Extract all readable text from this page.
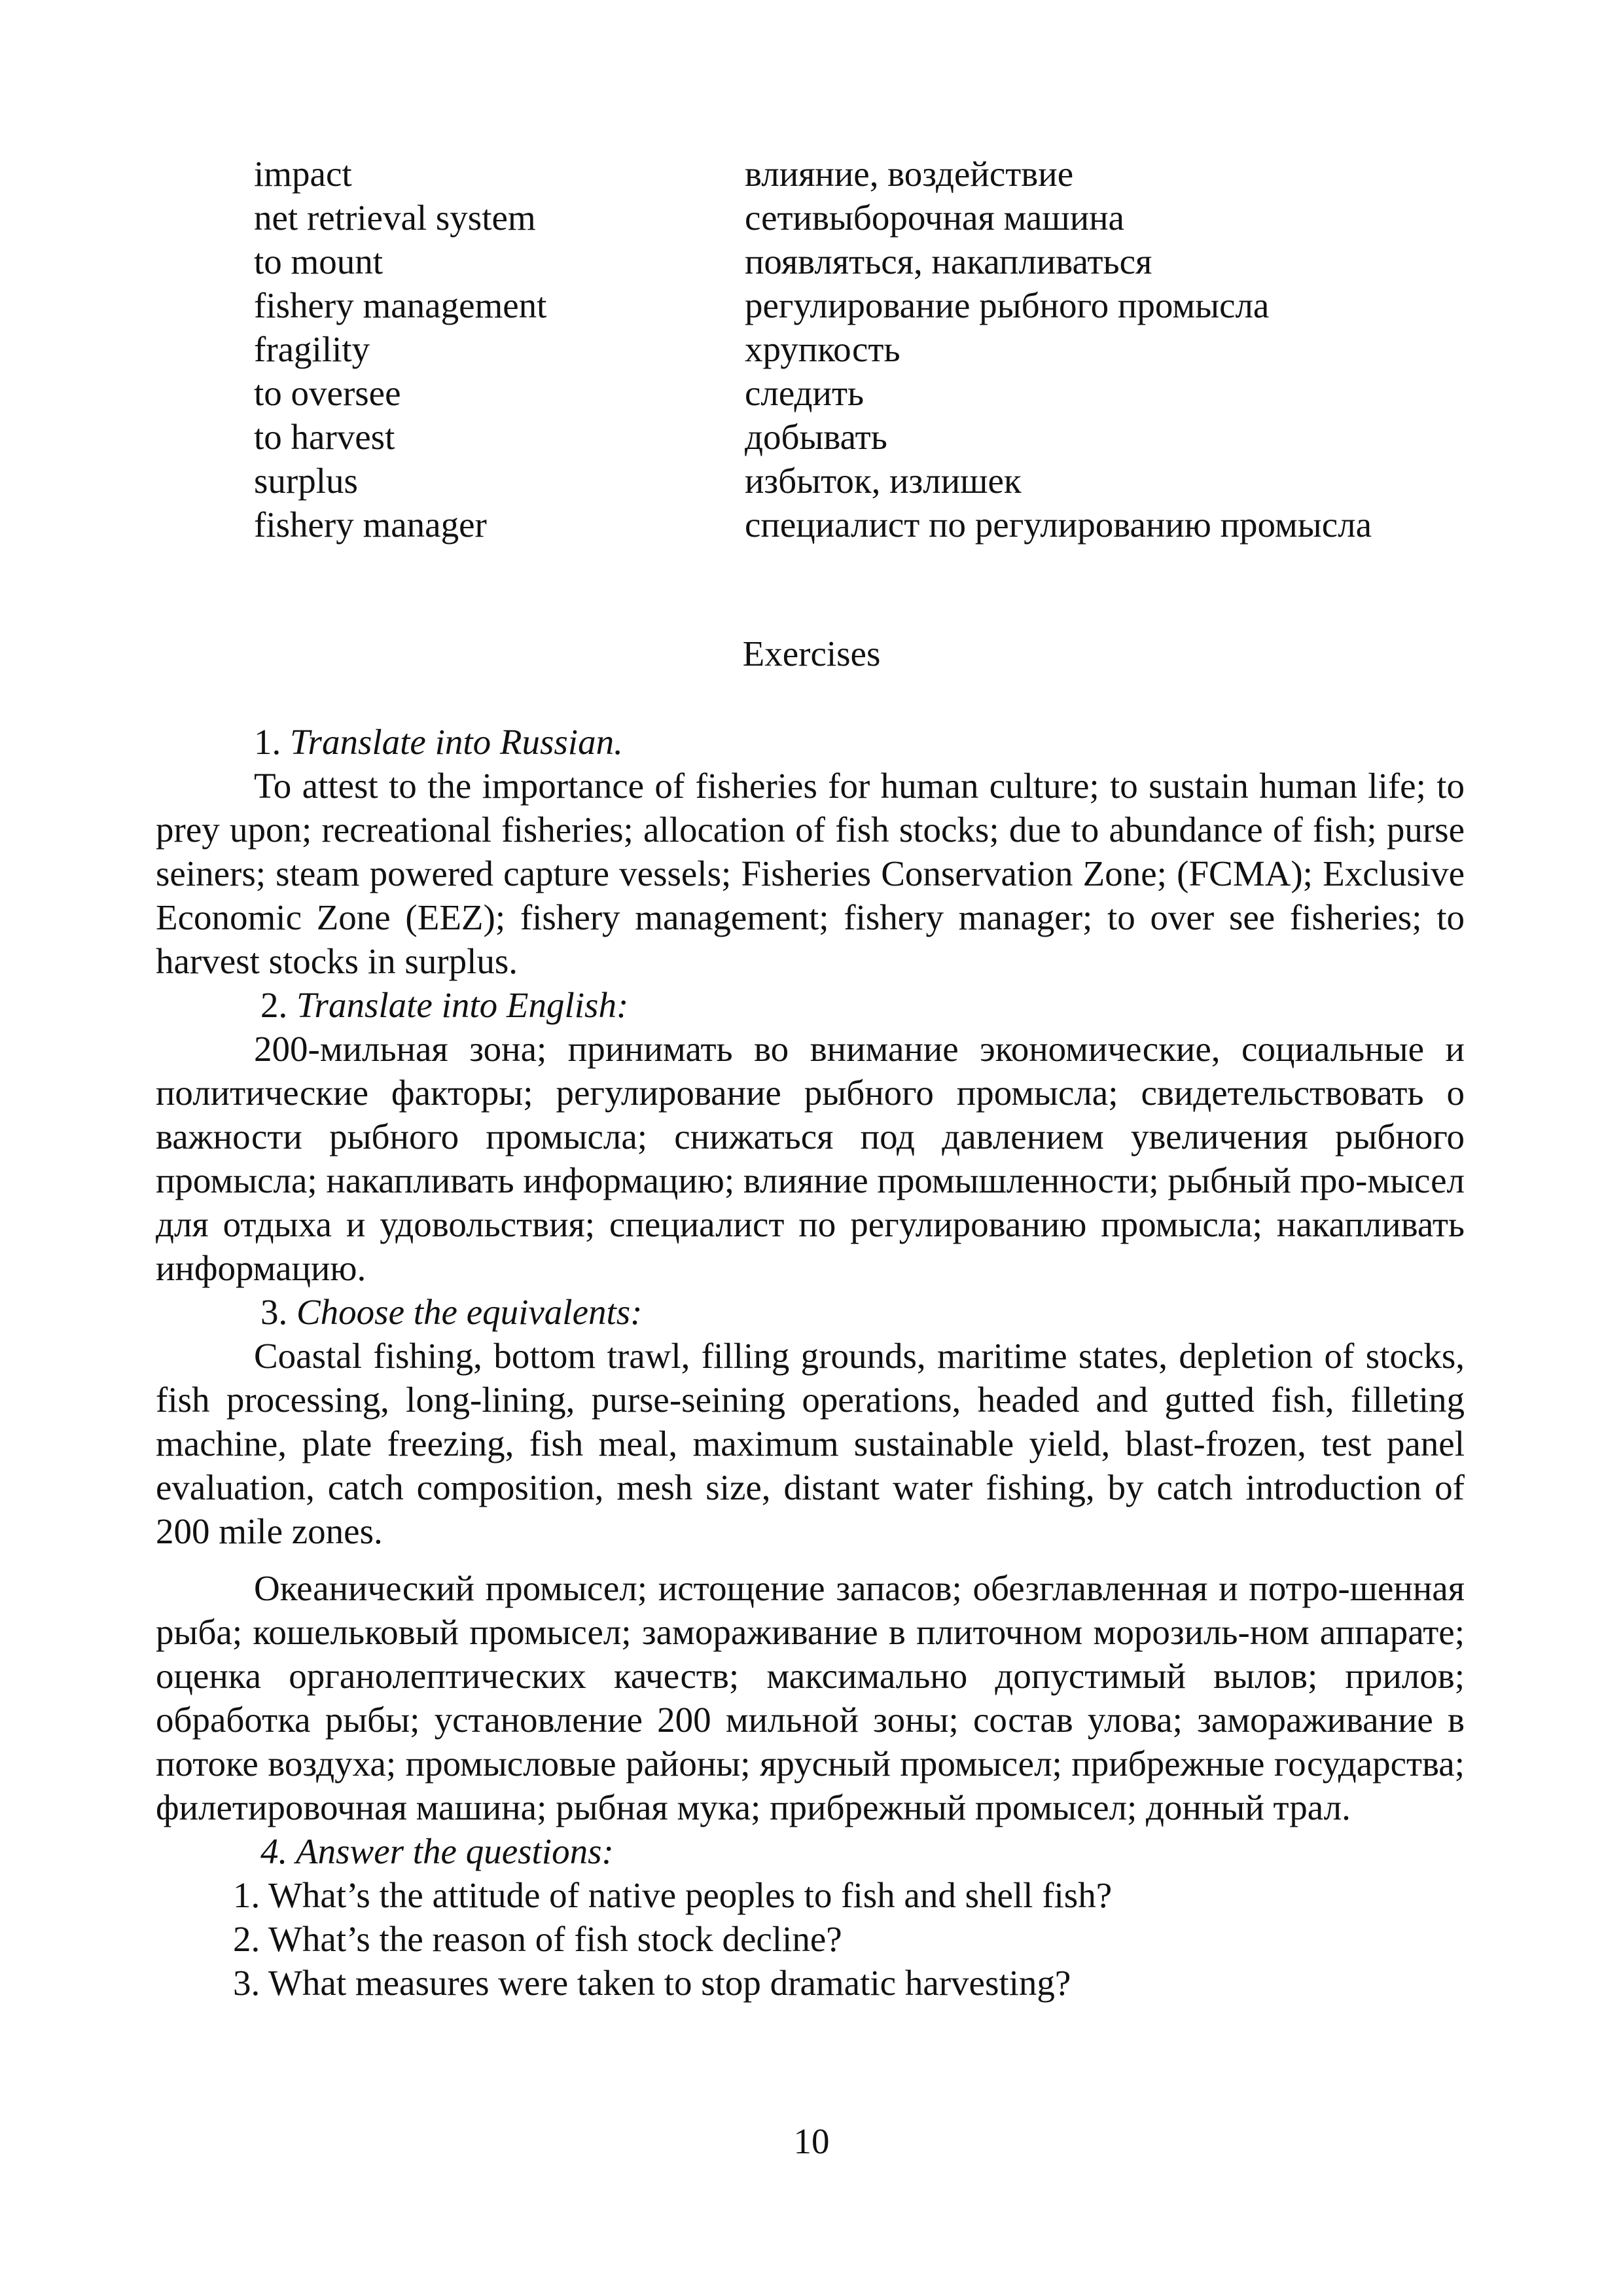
impact	влияние, воздействие
net retrieval system	сетивыборочная машина
to mount	появляться, накапливаться
fishery management	регулирование рыбного промысла
fragility	хрупкость
to oversee	следить
to harvest	добывать
surplus	избыток, излишек
fishery manager	специалист по регулированию промысла
Exercises

1. Translate into Russian.

To attest to the importance of fisheries for human culture; to sustain human life; to prey upon; recreational fisheries; allocation of fish stocks; due to abundance of fish; purse seiners; steam powered capture vessels; Fisheries Conservation Zone; (FCMA); Exclusive Economic Zone (EEZ); fishery management; fishery manager; to over see fisheries; to harvest stocks in surplus.

2. Translate into English:

200-мильная зона; принимать во внимание экономические, социальные и политические факторы; регулирование рыбного промысла; свидетельствовать о важности рыбного промысла; снижаться под давлением увеличения рыбного промысла; накапливать информацию; влияние промышленности; рыбный про-мысел для отдыха и удовольствия; специалист по регулированию промысла; накапливать информацию.

3. Choose the equivalents:

Coastal fishing, bottom trawl, filling grounds, maritime states, depletion of stocks, fish processing, long-lining, purse-seining operations, headed and gutted fish, filleting machine, plate freezing, fish meal, maximum sustainable yield, blast-frozen, test panel evaluation, catch composition, mesh size, distant water fishing, by catch introduction of 200 mile zones.

Океанический промысел; истощение запасов; обезглавленная и потро-шенная рыба; кошельковый промысел; замораживание в плиточном морозиль-ном аппарате; оценка органолептических качеств; максимально допустимый вылов; прилов; обработка рыбы; установление 200 мильной зоны; состав улова; замораживание в потоке воздуха; промысловые районы; ярусный промысел; прибрежные государства; филетировочная машина; рыбная мука; прибрежный промысел; донный трал.

4. Answer the questions:

1. What’s the attitude of native peoples to fish and shell fish?
2. What’s the reason of fish stock decline?
3. What measures were taken to stop dramatic harvesting?
10
